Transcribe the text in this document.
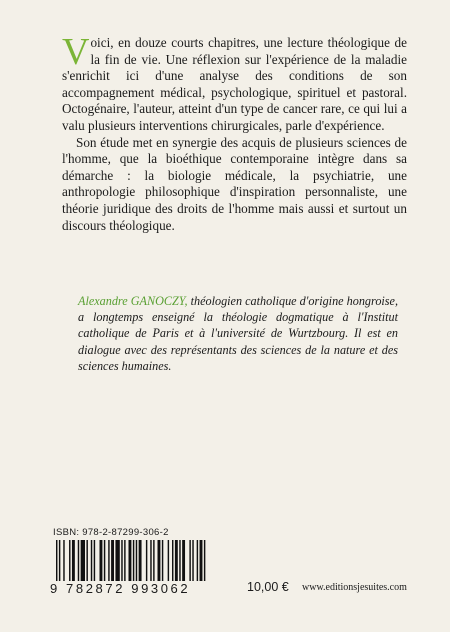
Voici, en douze courts chapitres, une lecture théologique de la fin de vie. Une réflexion sur l'expérience de la maladie s'enrichit ici d'une analyse des conditions de son accompagnement médical, psychologique, spirituel et pastoral. Octogénaire, l'auteur, atteint d'un type de cancer rare, ce qui lui a valu plusieurs interventions chirurgicales, parle d'expérience.

Son étude met en synergie des acquis de plusieurs sciences de l'homme, que la bioéthique contemporaine intègre dans sa démarche : la biologie médicale, la psychiatrie, une anthropologie philosophique d'inspiration personnaliste, une théorie juridique des droits de l'homme mais aussi et surtout un discours théologique.

Alexandre GANOCZY, théologien catholique d'origine hongroise, a longtemps enseigné la théologie dogmatique à l'Institut catholique de Paris et à l'université de Wurtzbourg. Il est en dialogue avec des représentants des sciences de la nature et des sciences humaines.
ISBN: 978-2-87299-306-2
9 782872 993062	10,00 € www.editionsjesuites.com
